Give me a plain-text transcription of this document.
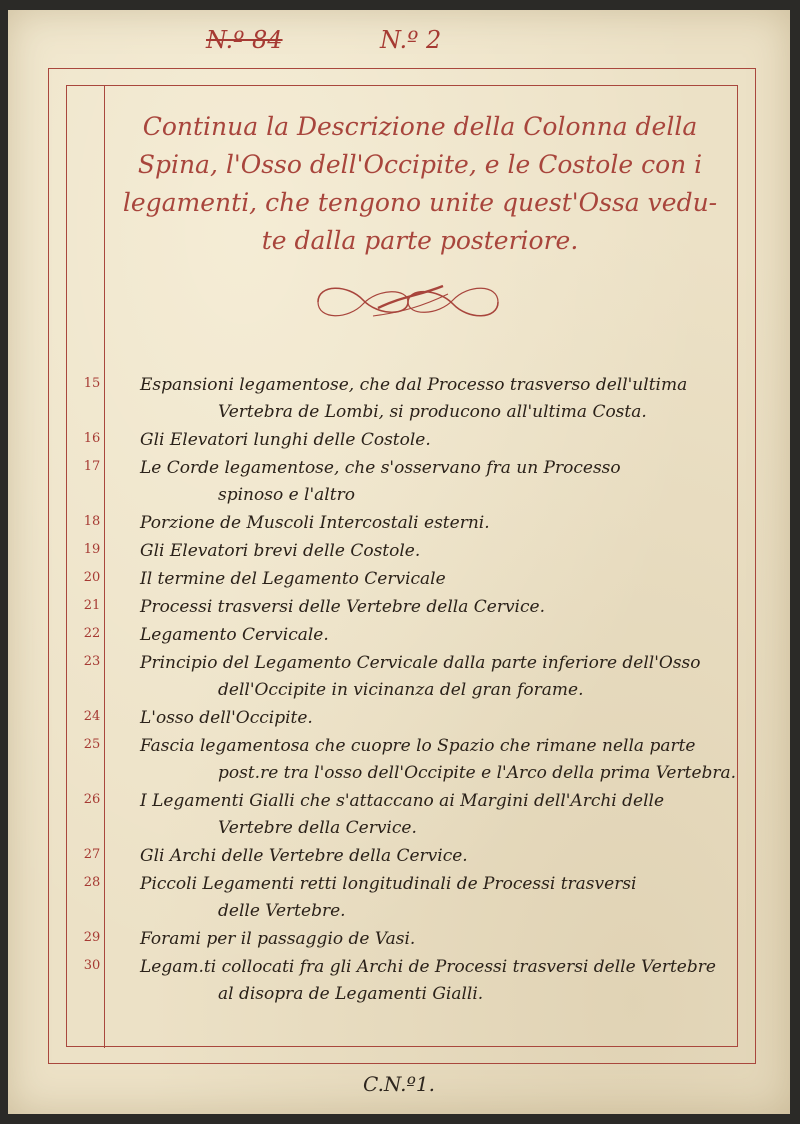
N.º 84	N.º 2
Continua la Descrizione della Colonna della
Spina, l'Osso dell'Occipite, e le Costole con i
legamenti, che tengono unite quest'Ossa vedu-
te dalla parte posteriore.
15	Espansioni legamentose, che dal Processo trasverso dell'ultima
Vertebra de Lombi, si producono all'ultima Costa.
16	Gli Elevatori lunghi delle Costole.
17	Le Corde legamentose, che s'osservano fra un Processo
spinoso e l'altro
18	Porzione de Muscoli Intercostali esterni.
19	Gli Elevatori brevi delle Costole.
20	Il termine del Legamento Cervicale
21	Processi trasversi delle Vertebre della Cervice.
22	Legamento Cervicale.
23	Principio del Legamento Cervicale dalla parte inferiore dell'Osso
dell'Occipite in vicinanza del gran forame.
24	L'osso dell'Occipite.
25	Fascia legamentosa che cuopre lo Spazio che rimane nella parte
post.re tra l'osso dell'Occipite e l'Arco della prima Vertebra.
26	I Legamenti Gialli che s'attaccano ai Margini dell'Archi delle
Vertebre della Cervice.
27	Gli Archi delle Vertebre della Cervice.
28	Piccoli Legamenti retti longitudinali de Processi trasversi
delle Vertebre.
29	Forami per il passaggio de Vasi.
30	Legam.ti collocati fra gli Archi de Processi trasversi delle Vertebre
al disopra de Legamenti Gialli.
C.N.º1.
